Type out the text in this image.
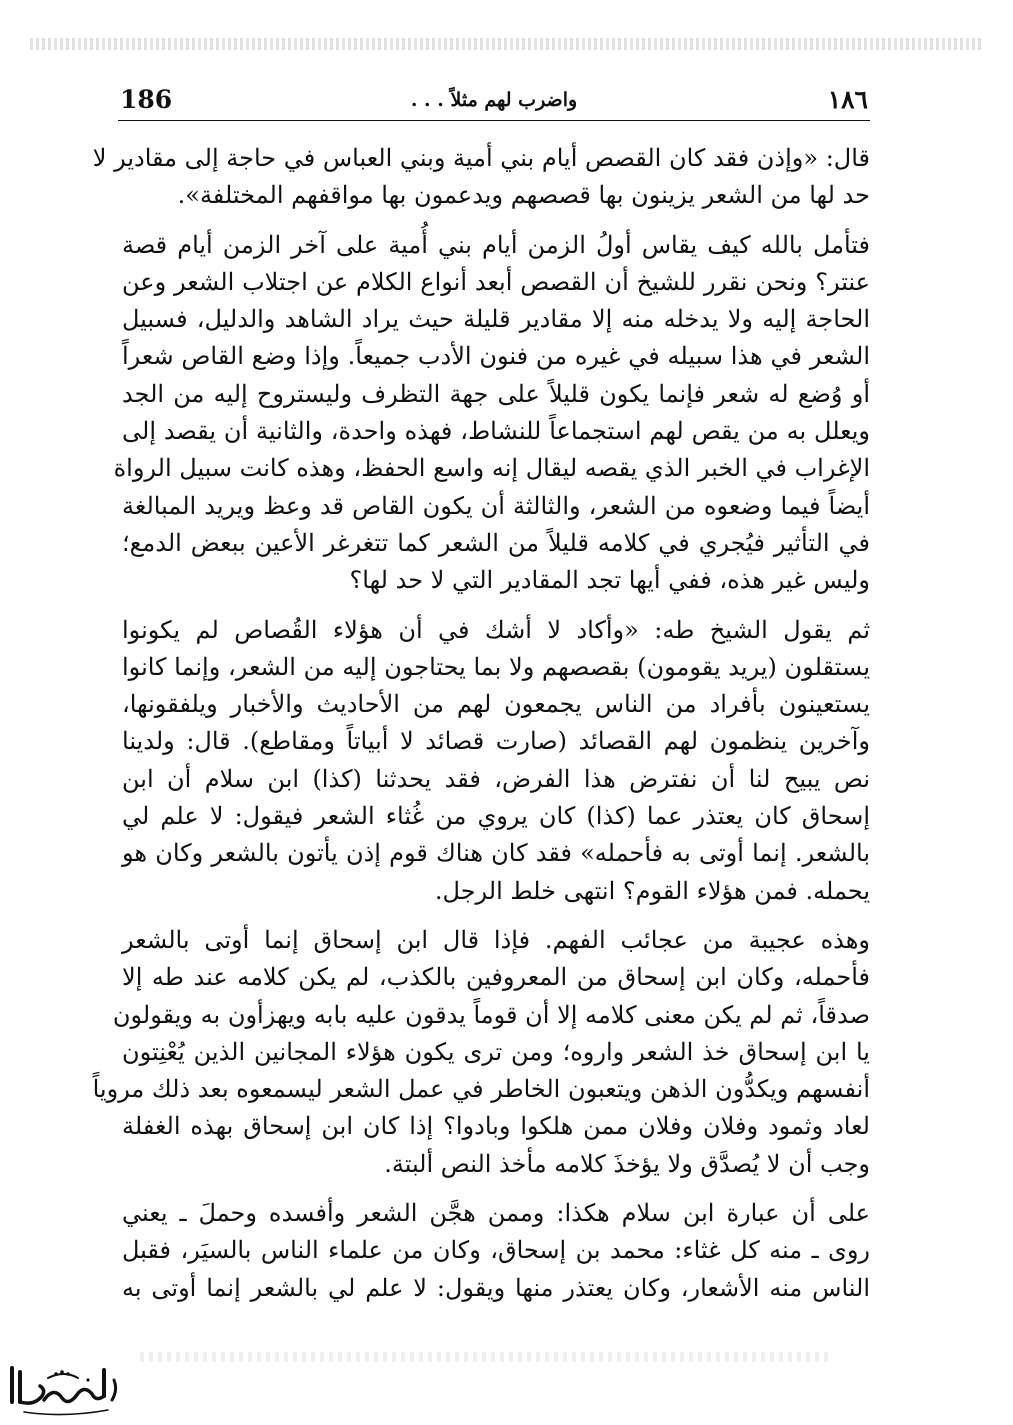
186	واضرب لهم مثلاً . . .	١٨٦
قال: «وإذن فقد كان القصص أيام بني أمية وبني العباس في حاجة إلى مقادير لا
حد لها من الشعر يزينون بها قصصهم ويدعمون بها مواقفهم المختلفة».
فتأمل بالله كيف يقاس أولُ الزمن أيام بني أُمية على آخر الزمن أيام قصة
عنتر؟ ونحن نقرر للشيخ أن القصص أبعد أنواع الكلام عن اجتلاب الشعر وعن
الحاجة إليه ولا يدخله منه إلا مقادير قليلة حيث يراد الشاهد والدليل، فسبيل
الشعر في هذا سبيله في غيره من فنون الأدب جميعاً. وإذا وضع القاص شعراً
أو وُضع له شعر فإنما يكون قليلاً على جهة التظرف وليستروح إليه من الجد
ويعلل به من يقص لهم استجماعاً للنشاط، فهذه واحدة، والثانية أن يقصد إلى
الإغراب في الخبر الذي يقصه ليقال إنه واسع الحفظ، وهذه كانت سبيل الرواة
أيضاً فيما وضعوه من الشعر، والثالثة أن يكون القاص قد وعظ ويريد المبالغة
في التأثير فيُجري في كلامه قليلاً من الشعر كما تتغرغر الأعين ببعض الدمع؛
وليس غير هذه، ففي أيها تجد المقادير التي لا حد لها؟
ثم يقول الشيخ طه: «وأكاد لا أشك في أن هؤلاء القُصاص لم يكونوا
يستقلون (يريد يقومون) بقصصهم ولا بما يحتاجون إليه من الشعر، وإنما كانوا
يستعينون بأفراد من الناس يجمعون لهم من الأحاديث والأخبار ويلفقونها،
وآخرين ينظمون لهم القصائد (صارت قصائد لا أبياتاً ومقاطع). قال: ولدينا
نص يبيح لنا أن نفترض هذا الفرض، فقد يحدثنا (كذا) ابن سلام أن ابن
إسحاق كان يعتذر عما (كذا) كان يروي من غُثاء الشعر فيقول: لا علم لي
بالشعر. إنما أوتى به فأحمله» فقد كان هناك قوم إذن يأتون بالشعر وكان هو
يحمله. فمن هؤلاء القوم؟ انتهى خلط الرجل.
وهذه عجيبة من عجائب الفهم. فإذا قال ابن إسحاق إنما أوتى بالشعر
فأحمله، وكان ابن إسحاق من المعروفين بالكذب، لم يكن كلامه عند طه إلا
صدقاً، ثم لم يكن معنى كلامه إلا أن قوماً يدقون عليه بابه ويهزأون به ويقولون
يا ابن إسحاق خذ الشعر واروه؛ ومن ترى يكون هؤلاء المجانين الذين يُعْنِتون
أنفسهم ويكدُّون الذهن ويتعبون الخاطر في عمل الشعر ليسمعوه بعد ذلك مروياً
لعاد وثمود وفلان وفلان ممن هلكوا وبادوا؟ إذا كان ابن إسحاق بهذه الغفلة
وجب أن لا يُصدَّق ولا يؤخذَ كلامه مأخذ النص ألبتة.
على أن عبارة ابن سلام هكذا: وممن هجَّن الشعر وأفسده وحملَ ـ يعني
روى ـ منه كل غثاء: محمد بن إسحاق، وكان من علماء الناس بالسيَر، فقبل
الناس منه الأشعار، وكان يعتذر منها ويقول: لا علم لي بالشعر إنما أوتى به
